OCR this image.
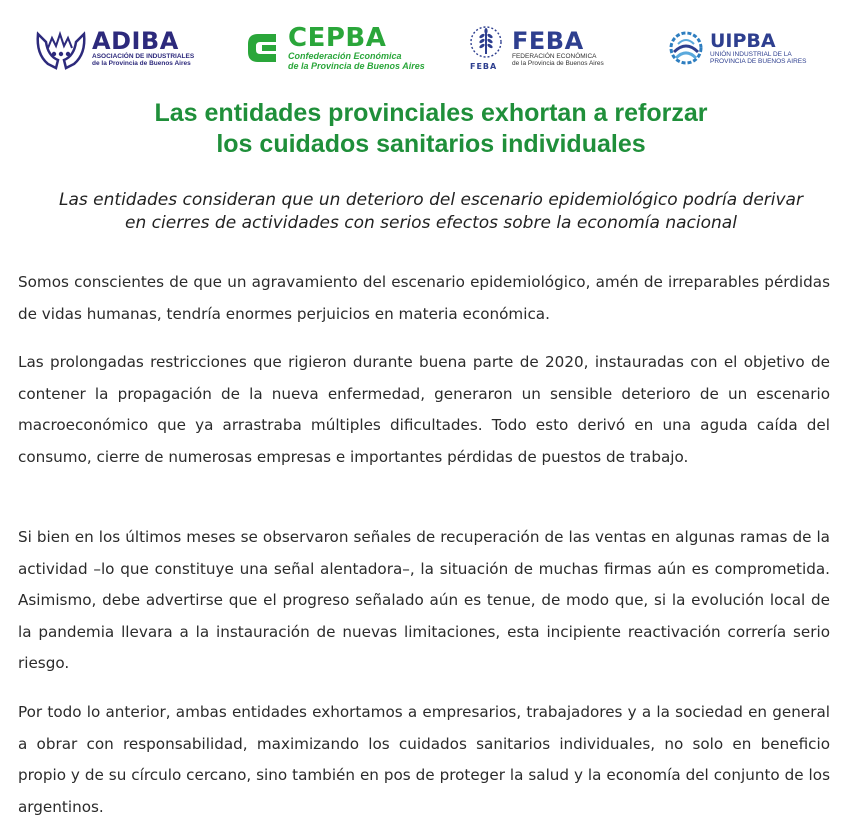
ADIBA
ASOCIACIÓN DE INDUSTRIALES
de la Provincia de Buenos Aires
CEPBA
Confederación Económica
de la Provincia de Buenos Aires	FEBA
FEBA
FEDERACIÓN ECONÓMICA
de la Provincia de Buenos Aires
UIPBA
UNIÓN INDUSTRIAL DE LA
PROVINCIA DE BUENOS AIRES
Las entidades provinciales exhortan a reforzar
los cuidados sanitarios individuales

Las entidades consideran que un deterioro del escenario epidemiológico podría derivar
en cierres de actividades con serios efectos sobre la economía nacional

Somos conscientes de que un agravamiento del escenario epidemiológico, amén de irreparables pérdidas de vidas humanas, tendría enormes perjuicios en materia económica.

Las prolongadas restricciones que rigieron durante buena parte de 2020, instauradas con el objetivo de contener la propagación de la nueva enfermedad, generaron un sensible deterioro de un escenario macroeconómico que ya arrastraba múltiples dificultades. Todo esto derivó en una aguda caída del consumo, cierre de numerosas empresas e importantes pérdidas de puestos de trabajo.

Si bien en los últimos meses se observaron señales de recuperación de las ventas en algunas ramas de la actividad –lo que constituye una señal alentadora–, la situación de muchas firmas aún es comprometida. Asimismo, debe advertirse que el progreso señalado aún es tenue, de modo que, si la evolución local de la pandemia llevara a la instauración de nuevas limitaciones, esta incipiente reactivación correría serio riesgo.

Por todo lo anterior, ambas entidades exhortamos a empresarios, trabajadores y a la sociedad en general a obrar con responsabilidad, maximizando los cuidados sanitarios individuales, no solo en beneficio propio y de su círculo cercano, sino también en pos de proteger la salud y la economía del conjunto de los argentinos.
